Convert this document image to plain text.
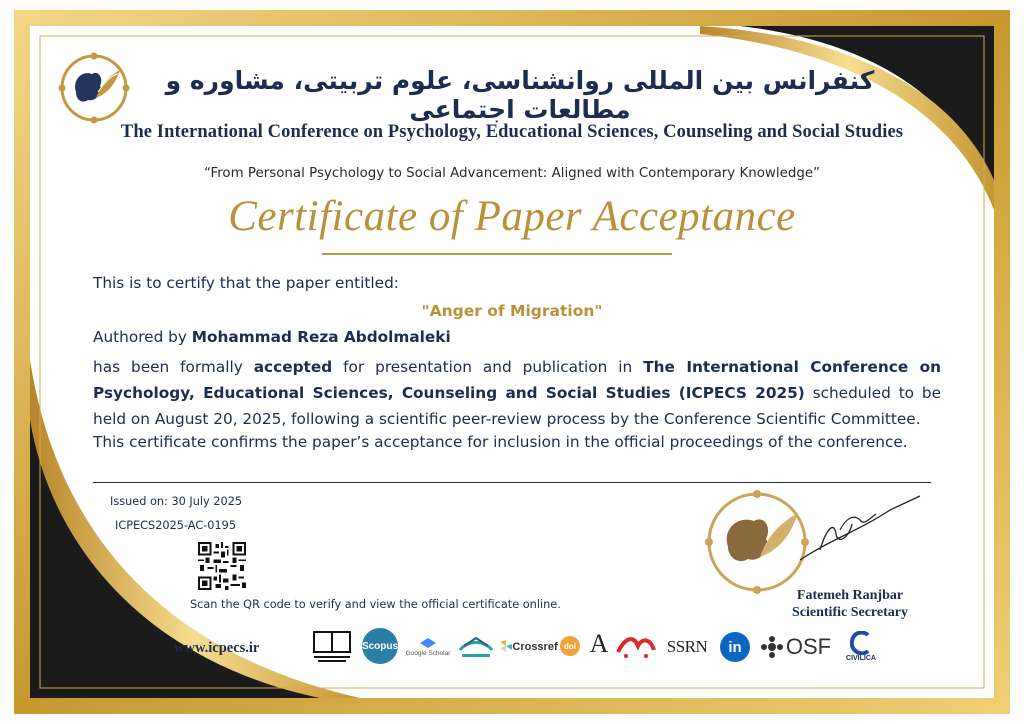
کنفرانس بین المللی روانشناسی، علوم تربیتی، مشاوره و مطالعات اجتماعی
The International Conference on Psychology, Educational Sciences, Counseling and Social Studies
“From Personal Psychology to Social Advancement: Aligned with Contemporary Knowledge”
Certificate of Paper Acceptance
This is to certify that the paper entitled:
"Anger of Migration"
Authored by Mohammad Reza Abdolmaleki
has been formally accepted for presentation and publication in The International Conference on Psychology, Educational Sciences, Counseling and Social Studies (ICPECS 2025) scheduled to be held on August 20, 2025, following a scientific peer-review process by the Conference Scientific Committee.
This certificate confirms the paper’s acceptance for inclusion in the official proceedings of the conference.
Issued on: 30 July 2025
ICPECS2025-AC-0195
Scan the QR code to verify and view the official certificate online.
Fatemeh Ranjbar
Scientific Secretary
www.icpecs.ir	Scopus
Google Scholar	Crossref doi A	SSRN in OSF CIVILICA
